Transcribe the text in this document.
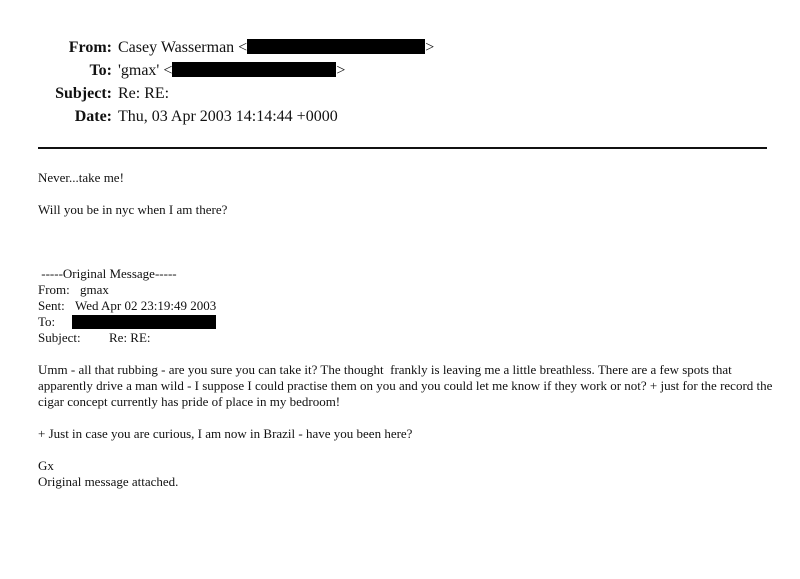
From: Casey Wasserman <	>
To: 'gmax' <	>
Subject: Re: RE:
Date: Thu, 03 Apr 2003 14:14:44 +0000

Never...take me!

Will you be in nyc when I am there?

-----Original Message-----

From: gmax
Sent: Wed Apr 02 23:19:49 2003
To:
Subject: Re: RE:

Umm - all that rubbing - are you sure you can take it? The thought  frankly is leaving me a little breathless. There are a few spots that apparently drive a man wild - I suppose I could practise them on you and you could let me know if they work or not? + just for the record the cigar concept currently has pride of place in my bedroom!

+ Just in case you are curious, I am now in Brazil - have you been here?

Gx

Original message attached.
